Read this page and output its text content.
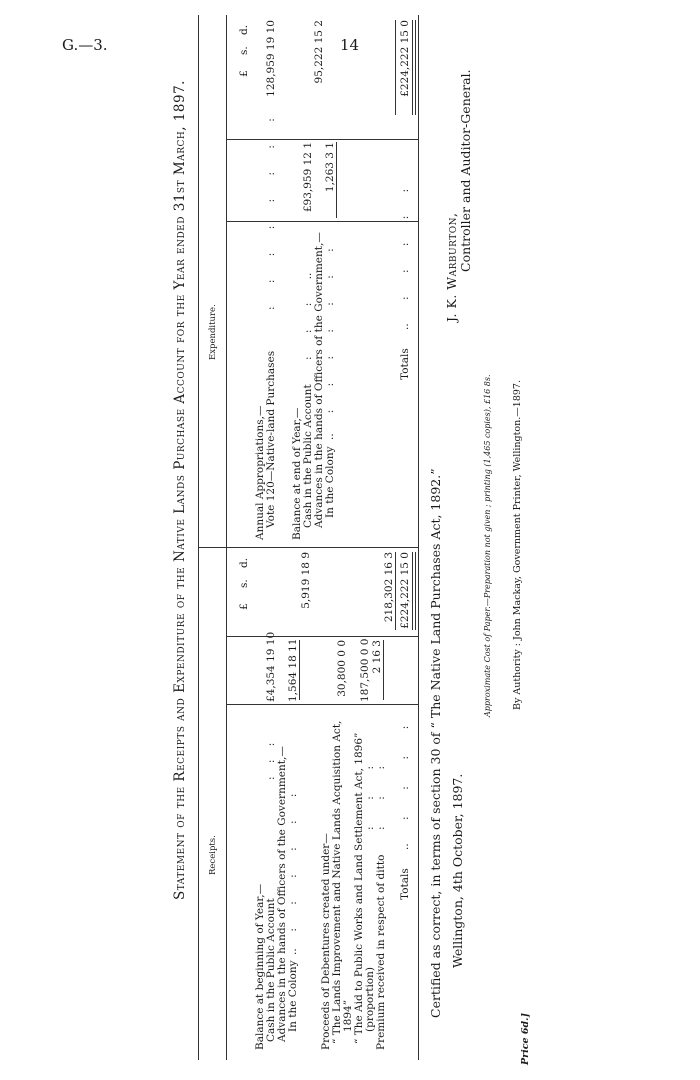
G.—3.	14
Statement of the Receipts and Expenditure of the Native Lands Purchase Account for the Year ended 31st March, 1897. Receipts.
Expenditure.
£
s.
d.
£
s.
d.
Balance at beginning of Year,— Cash in the Public Account
:    :    :
£4,354 19 10
Advances in the hands of Officers of the Government,— In the Colony
..     :       :       :       :       :       :
1,564 18 11
5,919 18 9
Proceeds of Debentures created under— “ The Lands Improvement and Native Lands Acquisition Act, 1894”
30,800 0 0
“ The Aid to Public Works and Land Settlement Act, 1896” (proportion)
:        :        :
187,500 0 0
Premium received in respect of ditto
:        :        :
2 16 3
218,302 16 3
Totals
..       :        :        :        :
£224,222 15 0
Annual Appropriations,— Vote 120—Native-land Purchases
:       :       :       :       :       :       :       :
128,959 19 10
Balance at end of Year,— Cash in the Public Account
:       :       :       ..
£93,959 12 1
Advances in the hands of Officers of the Government,— In the Colony
..      :       :       :       :       :       :       :
1,263 3 1
95,222 15 2
Totals
..       :       :       :       :       :
£224,222 15 0
Certified as correct, in terms of section 30 of “ The Native Land Purchases Act, 1892.” Wellington, 4th October, 1897.
J. K. Warburton, Controller and Auditor-General.
Approximate Cost of Paper.—Preparation not given ; printing (1,465 copies), £16 8s. By Authority : John Mackay, Government Printer, Wellington.—1897.
Price 6d.]
